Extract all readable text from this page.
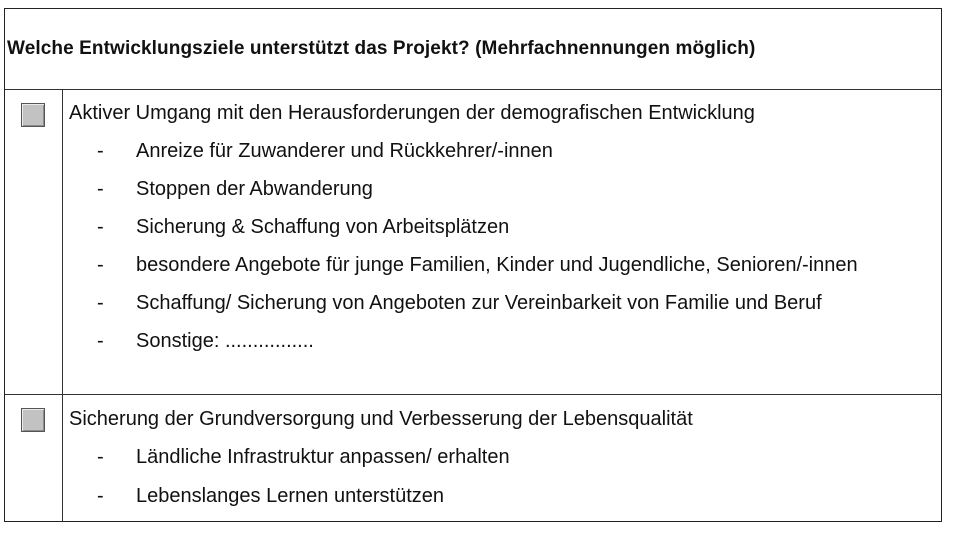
Welche Entwicklungsziele unterstützt das Projekt? (Mehrfachnennungen möglich)
Aktiver Umgang mit den Herausforderungen der demografischen Entwicklung
- Anreize für Zuwanderer und Rückkehrer/-innen
- Stoppen der Abwanderung
- Sicherung & Schaffung von Arbeitsplätzen
- besondere Angebote für junge Familien, Kinder und Jugendliche, Senioren/-innen
- Schaffung/ Sicherung von Angeboten zur Vereinbarkeit von Familie und Beruf
- Sonstige: ................
Sicherung der Grundversorgung und Verbesserung der Lebensqualität
- Ländliche Infrastruktur anpassen/ erhalten
- Lebenslanges Lernen unterstützen
